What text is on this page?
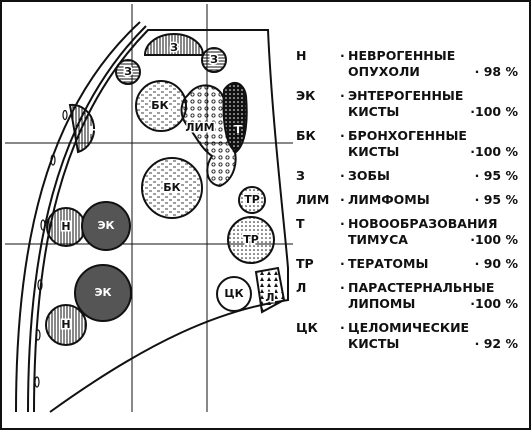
Н
Н
Н
ЭК
ЭК
З
З
З
БК
БК
ЛИМ Т
ТР
ТР
Л
ЦК
Н	· НЕВРОГЕННЫЕ
ОПУХОЛИ	· 98 %
ЭК	· ЭНТЕРОГЕННЫЕ
КИСТЫ	·100 %
БК	· БРОНХОГЕННЫЕ
КИСТЫ	·100 %
З	· ЗОБЫ	· 95 %
ЛИМ · ЛИМФОМЫ	· 95 %
Т	· НОВООБРАЗОВАНИЯ
ТИМУСА	·100 %
ТР	· ТЕРАТОМЫ	· 90 %
Л	· ПАРАСТЕРНАЛЬНЫЕ
ЛИПОМЫ	·100 %
ЦК	· ЦЕЛОМИЧЕСКИЕ
КИСТЫ	· 92 %
